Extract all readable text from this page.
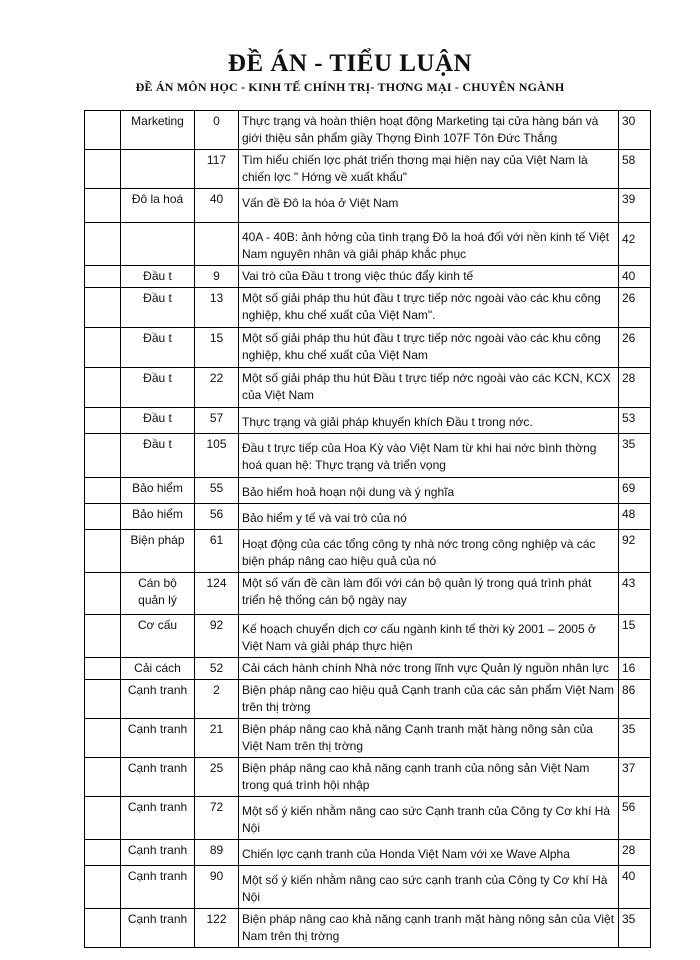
ĐỀ ÁN - TIỂU LUẬN
ĐỀ ÁN MÔN HỌC - KINH TẾ CHÍNH TRỊ- THƠNG MẠI - CHUYÊN NGÀNH
	Marketing	0	Thực trạng và hoàn thiện hoạt động Marketing tại cửa hàng bán và giới thiệu sản phẩm giầy Thợng Đình 107F Tôn Đức Thắng	30
		117	Tìm hiểu chiến lợc phát triển thơng mại hiện nay của Việt Nam là chiến lợc " Hớng về xuất khẩu"	58
	Đô la hoá	40	Vấn đề Đô la hóa ở Việt Nam	39
			40A - 40B: ảnh hởng của tình trạng Đô la hoá đối với nền kinh tế Việt Nam nguyên nhân và giải pháp khắc phục	42
	Đầu t	9	Vai trò của Đầu t trong việc thúc đẩy kinh tế	40
	Đầu t	13	Một số giải pháp thu hút đầu t trực tiếp nớc ngoài vào các khu công nghiệp, khu chế xuất của Việt Nam".	26
	Đầu t	15	Một số giải pháp thu hút đầu t trực tiếp nớc ngoài vào các khu công nghiệp, khu chế xuất của Việt Nam	26
	Đầu t	22	Một số giải pháp thu hút Đầu t trực tiếp nớc ngoài vào các KCN, KCX của Việt Nam	28
	Đầu t	57	Thực trạng và giải pháp khuyến khích Đầu t trong nớc.	53
	Đầu t	105	Đầu t trực tiếp của Hoa Kỳ vào Việt Nam từ khi hai nớc bình thờng hoá quan hệ: Thực trạng và triển vọng	35
	Bảo hiểm	55	Bảo hiểm hoả hoạn nội dung và ý nghĩa	69
	Bảo hiểm	56	Bảo hiểm y tế và vai trò của nó	48
	Biện pháp	61	Hoạt động của các tổng công ty nhà nớc trong công nghiệp và các biện pháp nâng cao hiệu quả của nó	92
	Cán bộ quản lý	124	Một số vấn đề cần làm đối với cán bộ quản lý trong quá trình phát triển hệ thống cán bộ ngày nay	43
	Cơ cấu	92	Kế hoạch chuyển dịch cơ cấu ngành kinh tế thời kỳ 2001 – 2005 ở Việt Nam và giải pháp thực hiện	15
	Cải cách	52	Cải cách hành chính Nhà nớc trong lĩnh vực Quản lý nguồn nhân lực	16
	Cạnh tranh	2	Biện pháp nâng cao hiệu quả Cạnh tranh của các sản phẩm Việt Nam trên thị trờng	86
	Cạnh tranh	21	Biện pháp nâng cao khả năng Cạnh tranh mặt hàng nông sản của Việt Nam trên thị trờng	35
	Cạnh tranh	25	Biện pháp nâng cao khả năng cạnh tranh của nông sản Việt Nam trong quá trình hội nhập	37
	Cạnh tranh	72	Một số ý kiến nhằm nâng cao sức Cạnh tranh của Công ty Cơ khí Hà Nội	56
	Cạnh tranh	89	Chiến lợc cạnh tranh của Honda Việt Nam với xe Wave Alpha	28
	Cạnh tranh	90	Một số ý kiến nhằm nâng cao sức cạnh tranh của Công ty Cơ khí Hà Nội	40
	Cạnh tranh	122	Biện pháp nâng cao khả năng cạnh tranh mặt hàng nông sản của Việt Nam trên thị trờng	35
